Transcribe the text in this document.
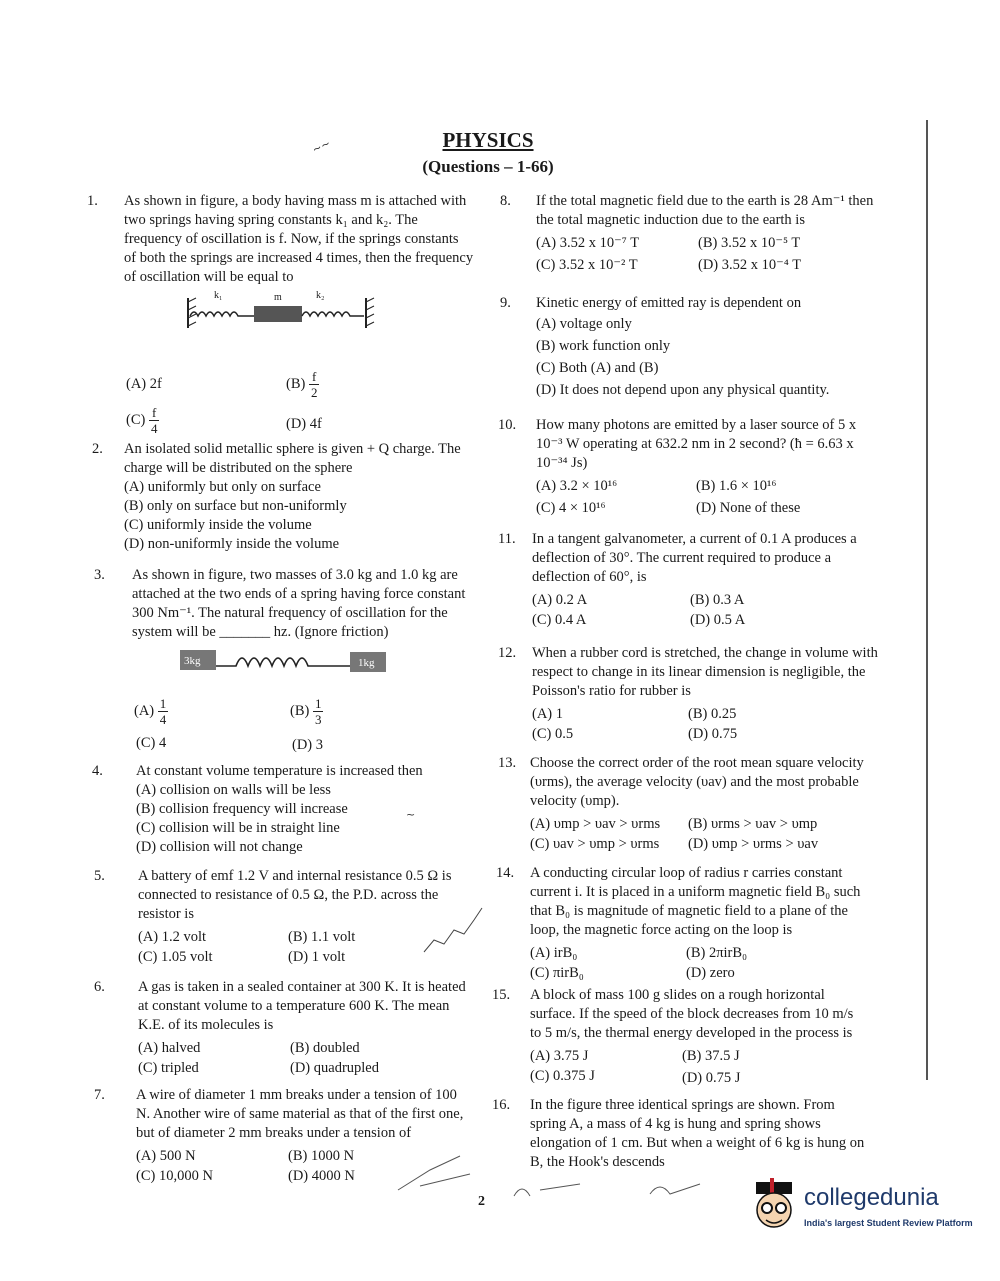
PHYSICS
(Questions – 1-66)
~~
1. As shown in figure, a body having mass m is attached with two springs having spring constants k₁ and k₂. The frequency of oscillation is f. Now, if the springs constants of both the springs are increased 4 times, then the frequency of oscillation will be equal to
k₁	m	k₂
(A) 2f	$(B) \frac{f}{2}$
$(C) \frac{f}{4}$	(D) 4f
2. An isolated solid metallic sphere is given + Q charge. The charge will be distributed on the sphere
(A) uniformly but only on surface
(B) only on surface but non-uniformly
(C) uniformly inside the volume
(D) non-uniformly inside the volume
3. As shown in figure, two masses of 3.0 kg and 1.0 kg are attached at the two ends of a spring having force constant 300 Nm⁻¹. The natural frequency of oscillation for the system will be _______ hz. (Ignore friction)
3kg	1kg
$(A) \frac{1}{4}$	$(B) \frac{1}{3}$
(C) 4	(D) 3
4. At constant volume temperature is increased then
(A) collision on walls will be less
(B) collision frequency will increase
(C) collision will be in straight line
(D) collision will not change
5. A battery of emf 1.2 V and internal resistance 0.5 Ω is connected to resistance of 0.5 Ω, the P.D. across the resistor is
(A) 1.2 volt	(B) 1.1 volt
(C) 1.05 volt	(D) 1 volt
6. A gas is taken in a sealed container at 300 K. It is heated at constant volume to a temperature 600 K. The mean K.E. of its molecules is
(A) halved	(B) doubled
(C) tripled	(D) quadrupled
7. A wire of diameter 1 mm breaks under a tension of 100 N. Another wire of same material as that of the first one, but of diameter 2 mm breaks under a tension of
(A) 500 N	(B) 1000 N
(C) 10,000 N	(D) 4000 N
8. If the total magnetic field due to the earth is 28 Am⁻¹ then the total magnetic induction due to the earth is
(A) 3.52 x 10⁻⁷ T	(B) 3.52 x 10⁻⁵ T
(C) 3.52 x 10⁻² T	(D) 3.52 x 10⁻⁴ T
9. Kinetic energy of emitted ray is dependent on
(A) voltage only
(B) work function only
(C) Both (A) and (B)
(D) It does not depend upon any physical quantity.
10. How many photons are emitted by a laser source of 5 x 10⁻³ W operating at 632.2 nm in 2 second? (ħ = 6.63 x 10⁻³⁴ Js)
(A) 3.2 × 10¹⁶	(B) 1.6 × 10¹⁶
(C) 4 × 10¹⁶	(D) None of these
11. In a tangent galvanometer, a current of 0.1 A produces a deflection of 30°. The current required to produce a deflection of 60°, is
(A) 0.2 A	(B) 0.3 A
(C) 0.4 A	(D) 0.5 A
12. When a rubber cord is stretched, the change in volume with respect to change in its linear dimension is negligible, the Poisson's ratio for rubber is
(A) 1	(B) 0.25
(C) 0.5	(D) 0.75
13. Choose the correct order of the root mean square velocity (υrms), the average velocity (υav) and the most probable velocity (υmp).
(A) υmp > υav > υrms (B) υrms > υav > υmp
(C) υav > υmp > υrms (D) υmp > υrms > υav
14. A conducting circular loop of radius r carries constant current i. It is placed in a uniform magnetic field B₀ such that B₀ is magnitude of magnetic field to a plane of the loop, the magnetic force acting on the loop is
(A) irB₀	(B) 2πirB₀
(C) πirB₀	(D) zero
15. A block of mass 100 g slides on a rough horizontal surface. If the speed of the block decreases from 10 m/s to 5 m/s, the thermal energy developed in the process is
(A) 3.75 J	(B) 37.5 J
(C) 0.375 J	(D) 0.75 J
16. In the figure three identical springs are shown. From spring A, a mass of 4 kg is hung and spring shows elongation of 1 cm. But when a weight of 6 kg is hung on B, the Hook's descends
~
2	collegedunia
India's largest Student Review Platform
